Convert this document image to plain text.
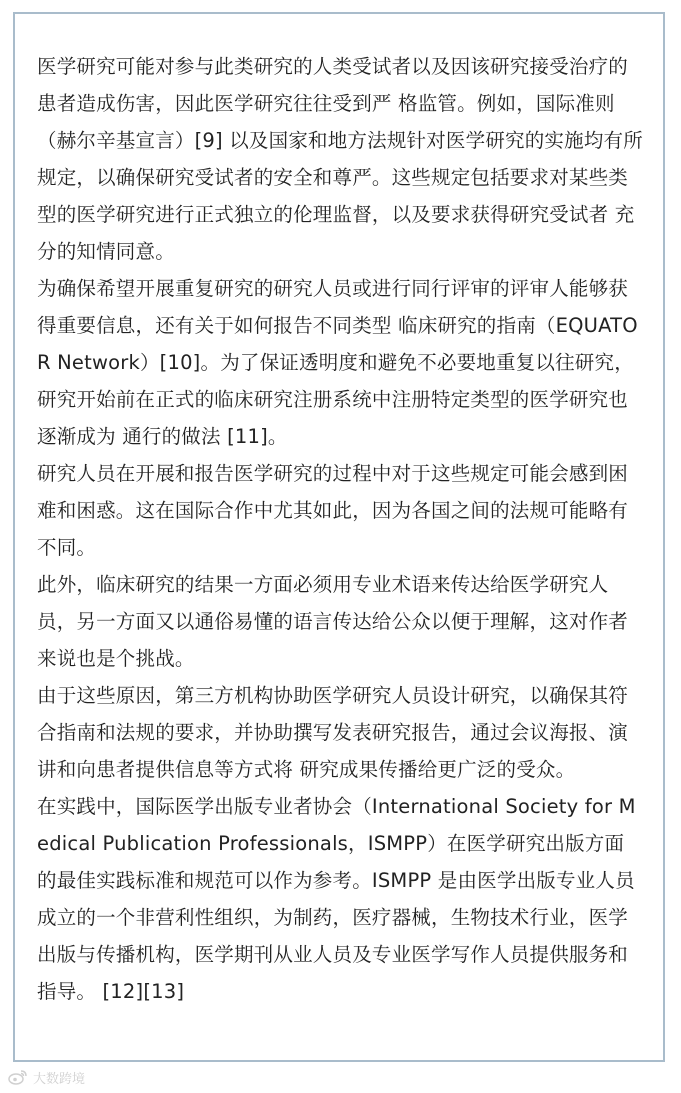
医学研究可能对参与此类研究的人类受试者以及因该研究接受治疗的患者造成伤害，因此医学研究往往受到严 格监管。例如，国际准则（赫尔辛基宣言）[9] 以及国家和地方法规针对医学研究的实施均有所规定，以确保研究受试者的安全和尊严。这些规定包括要求对某些类型的医学研究进行正式独立的伦理监督，以及要求获得研究受试者 充分的知情同意。

为确保希望开展重复研究的研究人员或进行同行评审的评审人能够获得重要信息，还有关于如何报告不同类型 临床研究的指南（EQUATOR Network）[10]。为了保证透明度和避免不必要地重复以往研究，研究开始前在正式的临床研究注册系统中注册特定类型的医学研究也逐渐成为 通行的做法 [11]。

研究人员在开展和报告医学研究的过程中对于这些规定可能会感到困难和困惑。这在国际合作中尤其如此，因为各国之间的法规可能略有不同。

此外，临床研究的结果一方面必须用专业术语来传达给医学研究人员，另一方面又以通俗易懂的语言传达给公众以便于理解，这对作者来说也是个挑战。

由于这些原因，第三方机构协助医学研究人员设计研究，以确保其符合指南和法规的要求，并协助撰写发表研究报告，通过会议海报、演讲和向患者提供信息等方式将 研究成果传播给更广泛的受众。

在实践中，国际医学出版专业者协会（International Society for Medical Publication Professionals，ISMPP）在医学研究出版方面的最佳实践标准和规范可以作为参考。ISMPP 是由医学出版专业人员成立的一个非营利性组织，为制药，医疗器械，生物技术行业，医学出版与传播机构，医学期刊从业人员及专业医学写作人员提供服务和指导。 [12][13]

大数跨境
